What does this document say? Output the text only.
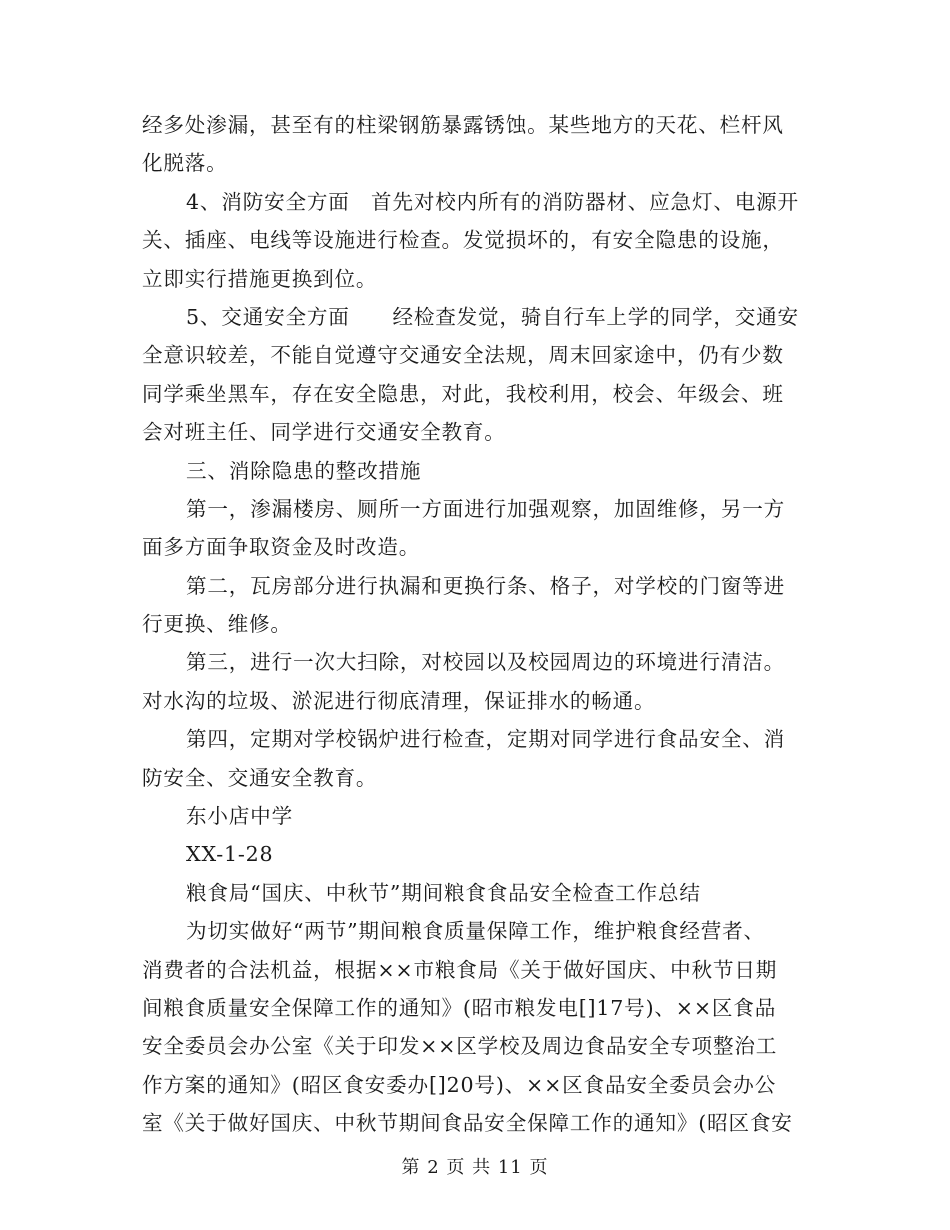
经多处渗漏，甚至有的柱梁钢筋暴露锈蚀。某些地方的天花、栏杆风
化脱落。
4、消防安全方面　首先对校内所有的消防器材、应急灯、电源开
关、插座、电线等设施进行检查。发觉损坏的，有安全隐患的设施，
立即实行措施更换到位。
5、交通安全方面　　经检查发觉，骑自行车上学的同学，交通安
全意识较差，不能自觉遵守交通安全法规，周末回家途中，仍有少数
同学乘坐黑车，存在安全隐患，对此，我校利用，校会、年级会、班
会对班主任、同学进行交通安全教育。
三、消除隐患的整改措施
第一，渗漏楼房、厕所一方面进行加强观察，加固维修，另一方
面多方面争取资金及时改造。
第二，瓦房部分进行执漏和更换行条、格子，对学校的门窗等进
行更换、维修。
第三，进行一次大扫除，对校园以及校园周边的环境进行清洁。
对水沟的垃圾、淤泥进行彻底清理，保证排水的畅通。
第四，定期对学校锅炉进行检查，定期对同学进行食品安全、消
防安全、交通安全教育。
东小店中学
XX-1-28
粮食局“国庆、中秋节”期间粮食食品安全检查工作总结
为切实做好“两节”期间粮食质量保障工作，维护粮食经营者、
消费者的合法机益，根据××市粮食局《关于做好国庆、中秋节日期
间粮食质量安全保障工作的通知》(昭市粮发电[]17号)、××区食品
安全委员会办公室《关于印发××区学校及周边食品安全专项整治工
作方案的通知》(昭区食安委办[]20号)、××区食品安全委员会办公
室《关于做好国庆、中秋节期间食品安全保障工作的通知》(昭区食安
第 2 页 共 11 页
